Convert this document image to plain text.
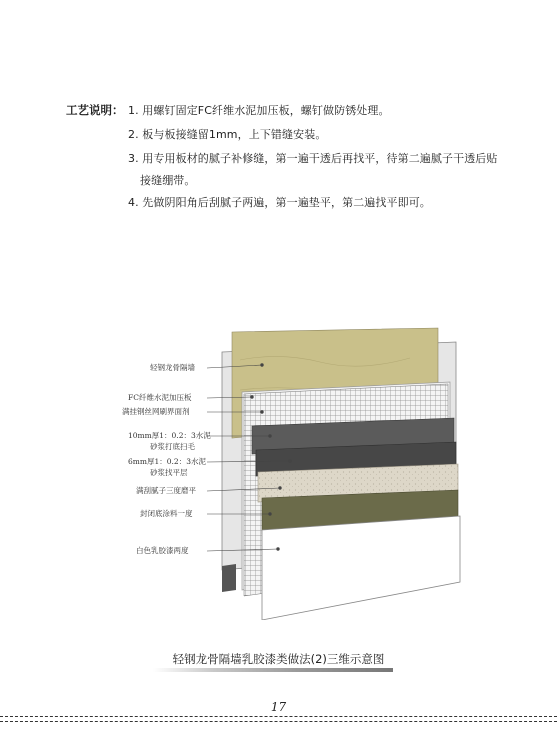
工艺说明： 1. 用螺钉固定FC纤维水泥加压板，螺钉做防锈处理。
2. 板与板接缝留1mm，上下错缝安装。
3. 用专用板材的腻子补修缝，第一遍干透后再找平，待第二遍腻子干透后贴
接缝绷带。
4. 先做阴阳角后刮腻子两遍，第一遍垫平，第二遍找平即可。
轻钢龙骨隔墙
FC纤维水泥加压板
满挂钢丝网刷界面剂
10mm厚1：0.2：3水泥
砂浆打底扫毛
6mm厚1：0.2：3水泥
砂浆找平层
满刮腻子三度磨平
封闭底涂料一度
白色乳胶漆两度
轻钢龙骨隔墙乳胶漆类做法(2)三维示意图
17
